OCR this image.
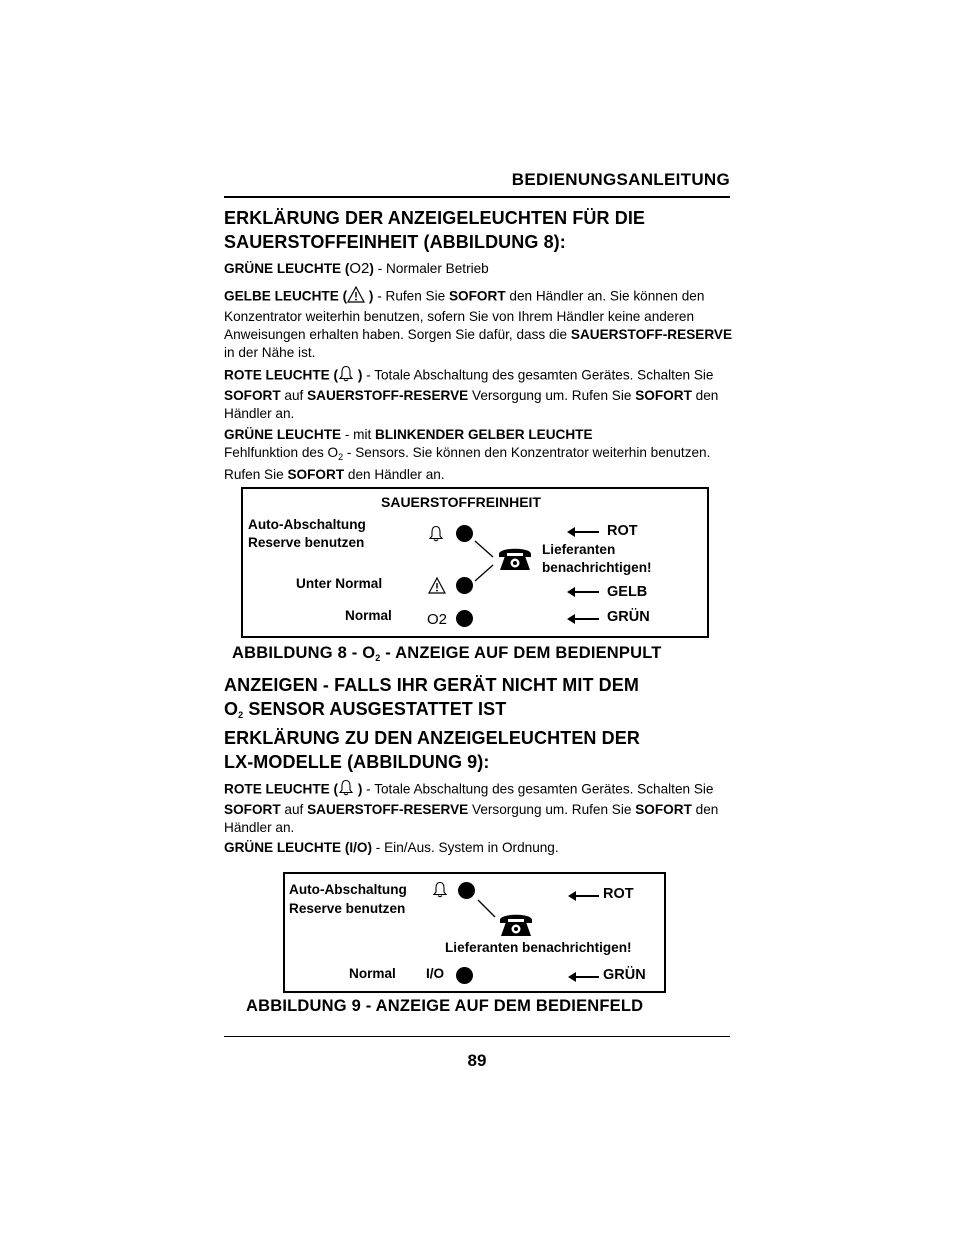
BEDIENUNGSANLEITUNG
ERKLÄRUNG DER ANZEIGELEUCHTEN FÜR DIE
SAUERSTOFFEINHEIT (ABBILDUNG 8):
GRÜNE LEUCHTE (O2) - Normaler Betrieb
GELBE LEUCHTE ( ) - Rufen Sie SOFORT den Händler an. Sie können den Konzentrator weiterhin benutzen, sofern Sie von Ihrem Händler keine anderen Anweisungen erhalten haben. Sorgen Sie dafür, dass die SAUERSTOFF-RESERVE in der Nähe ist.
ROTE LEUCHTE ( ) - Totale Abschaltung des gesamten Gerätes. Schalten Sie SOFORT auf SAUERSTOFF-RESERVE Versorgung um. Rufen Sie SOFORT den Händler an.
GRÜNE LEUCHTE - mit BLINKENDER GELBER LEUCHTE
Fehlfunktion des $O_2$ - Sensors. Sie können den Konzentrator weiterhin benutzen. Rufen Sie SOFORT den Händler an.
SAUERSTOFFREINHEIT
Auto-Abschaltung
Reserve benutzen
Unter Normal
Normal O2
ROT
Lieferanten
benachrichtigen!
GELB
GRÜN
ABBILDUNG $8 - O_2$ - ANZEIGE AUF DEM BEDIENPULT
ANZEIGEN - FALLS IHR GERÄT NICHT MIT DEM
$O_2$ SENSOR AUSGESTATTET IST
ERKLÄRUNG ZU DEN ANZEIGELEUCHTEN DER
LX-MODELLE (ABBILDUNG 9):
ROTE LEUCHTE ( ) - Totale Abschaltung des gesamten Gerätes. Schalten Sie SOFORT auf SAUERSTOFF-RESERVE Versorgung um. Rufen Sie SOFORT den Händler an.
GRÜNE LEUCHTE (I/O) - Ein/Aus. System in Ordnung.
Auto-Abschaltung
Reserve benutzen
ROT
Lieferanten benachrichtigen!
Normal I/O	GRÜN
ABBILDUNG 9 - ANZEIGE AUF DEM BEDIENFELD
89
